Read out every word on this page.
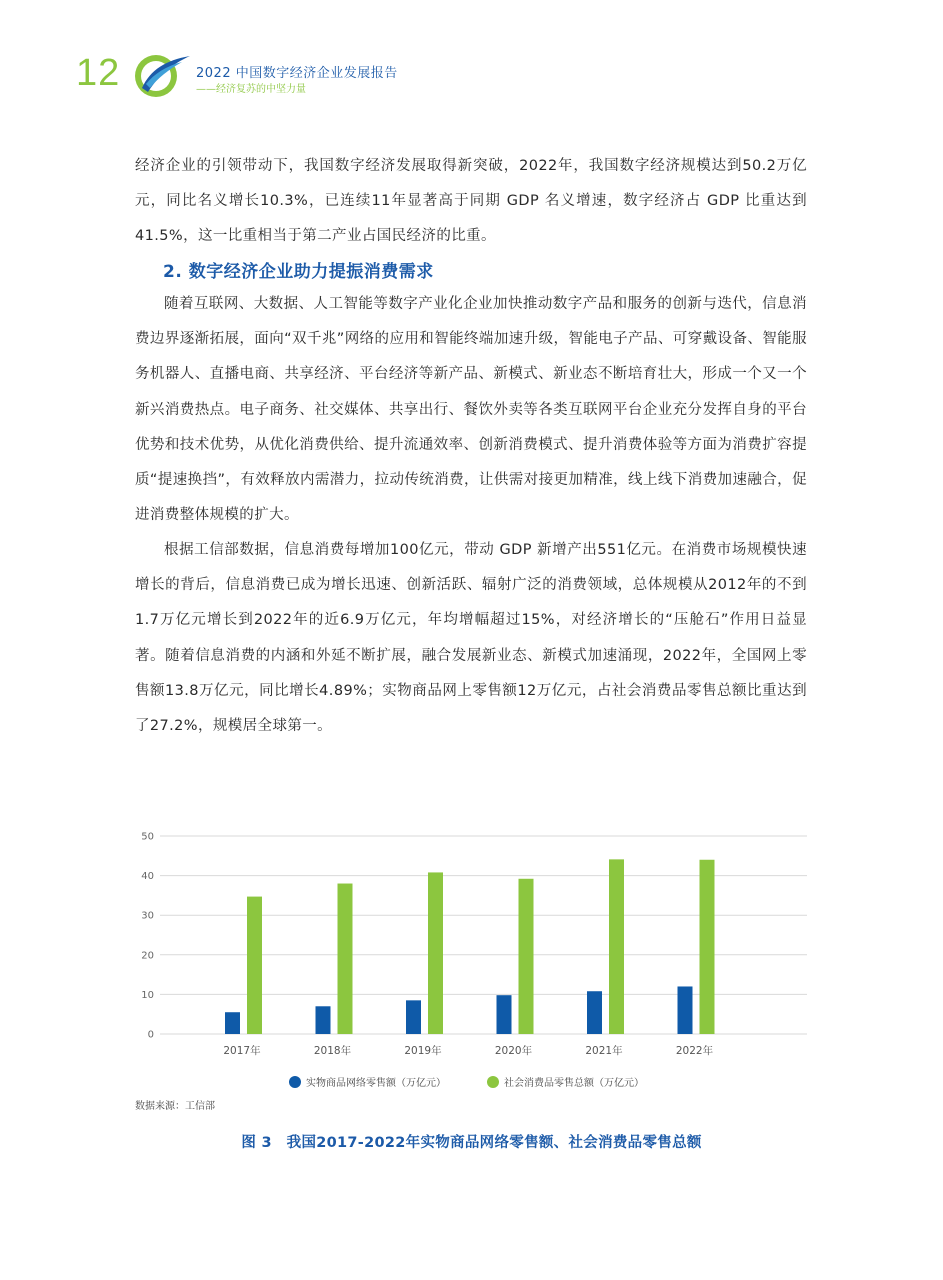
12	2022 中国数字经济企业发展报告
——经济复苏的中坚力量

经济企业的引领带动下，我国数字经济发展取得新突破，2022年，我国数字经济规模达到50.2万亿元，同比名义增长10.3%，已连续11年显著高于同期 GDP 名义增速，数字经济占 GDP 比重达到41.5%，这一比重相当于第二产业占国民经济的比重。

2. 数字经济企业助力提振消费需求

随着互联网、大数据、人工智能等数字产业化企业加快推动数字产品和服务的创新与迭代，信息消费边界逐渐拓展，面向“双千兆”网络的应用和智能终端加速升级，智能电子产品、可穿戴设备、智能服务机器人、直播电商、共享经济、平台经济等新产品、新模式、新业态不断培育壮大，形成一个又一个新兴消费热点。电子商务、社交媒体、共享出行、餐饮外卖等各类互联网平台企业充分发挥自身的平台优势和技术优势，从优化消费供给、提升流通效率、创新消费模式、提升消费体验等方面为消费扩容提质“提速换挡”，有效释放内需潜力，拉动传统消费，让供需对接更加精准，线上线下消费加速融合，促进消费整体规模的扩大。

根据工信部数据，信息消费每增加100亿元，带动 GDP 新增产出551亿元。在消费市场规模快速增长的背后，信息消费已成为增长迅速、创新活跃、辐射广泛的消费领域，总体规模从2012年的不到1.7万亿元增长到2022年的近6.9万亿元，年均增幅超过15%，对经济增长的“压舱石”作用日益显著。随着信息消费的内涵和外延不断扩展，融合发展新业态、新模式加速涌现，2022年，全国网上零售额13.8万亿元，同比增长4.89%；实物商品网上零售额12万亿元，占社会消费品零售总额比重达到了27.2%，规模居全球第一。

0
10
20
30
40
50
2017年	2018年	2019年	2020年	2021年	2022年
实物商品网络零售额（万亿元）	社会消费品零售总额（万亿元）
数据来源：工信部
图 3　我国2017-2022年实物商品网络零售额、社会消费品零售总额
